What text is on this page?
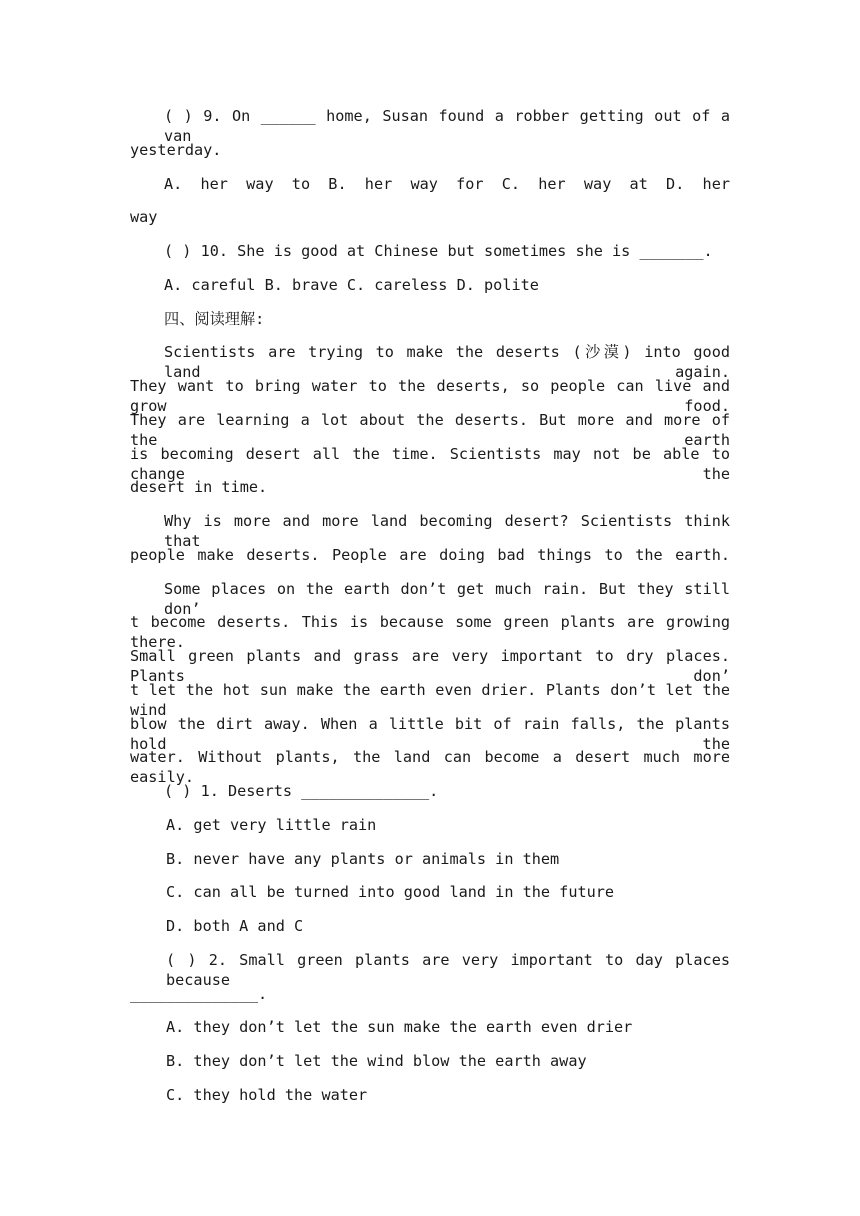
( ) 9. On ______ home, Susan found a robber getting out of a van
yesterday.
A. her way to B. her way for C. her way at D. her
way
( ) 10. She is good at Chinese but sometimes she is _______.
A. careful B. brave C. careless D. polite
四、阅读理解:
Scientists are trying to make the deserts (沙漠) into good land again.
They want to bring water to the deserts, so people can live and grow food.
They are learning a lot about the deserts. But more and more of the earth
is becoming desert all the time. Scientists may not be able to change the
desert in time.
Why is more and more land becoming desert? Scientists think that
people make deserts. People are doing bad things to the earth.
Some places on the earth don’t get much rain. But they still don’
t become deserts. This is because some green plants are growing there.
Small green plants and grass are very important to dry places. Plants don’
t let the hot sun make the earth even drier. Plants don’t let the wind
blow the dirt away. When a little bit of rain falls, the plants hold the
water. Without plants, the land can become a desert much more easily.
( ) 1. Deserts ______________.
A. get very little rain
B. never have any plants or animals in them
C. can all be turned into good land in the future
D. both A and C
( ) 2. Small green plants are very important to day places because
______________.
A. they don’t let the sun make the earth even drier
B. they don’t let the wind blow the earth away
C. they hold the water
